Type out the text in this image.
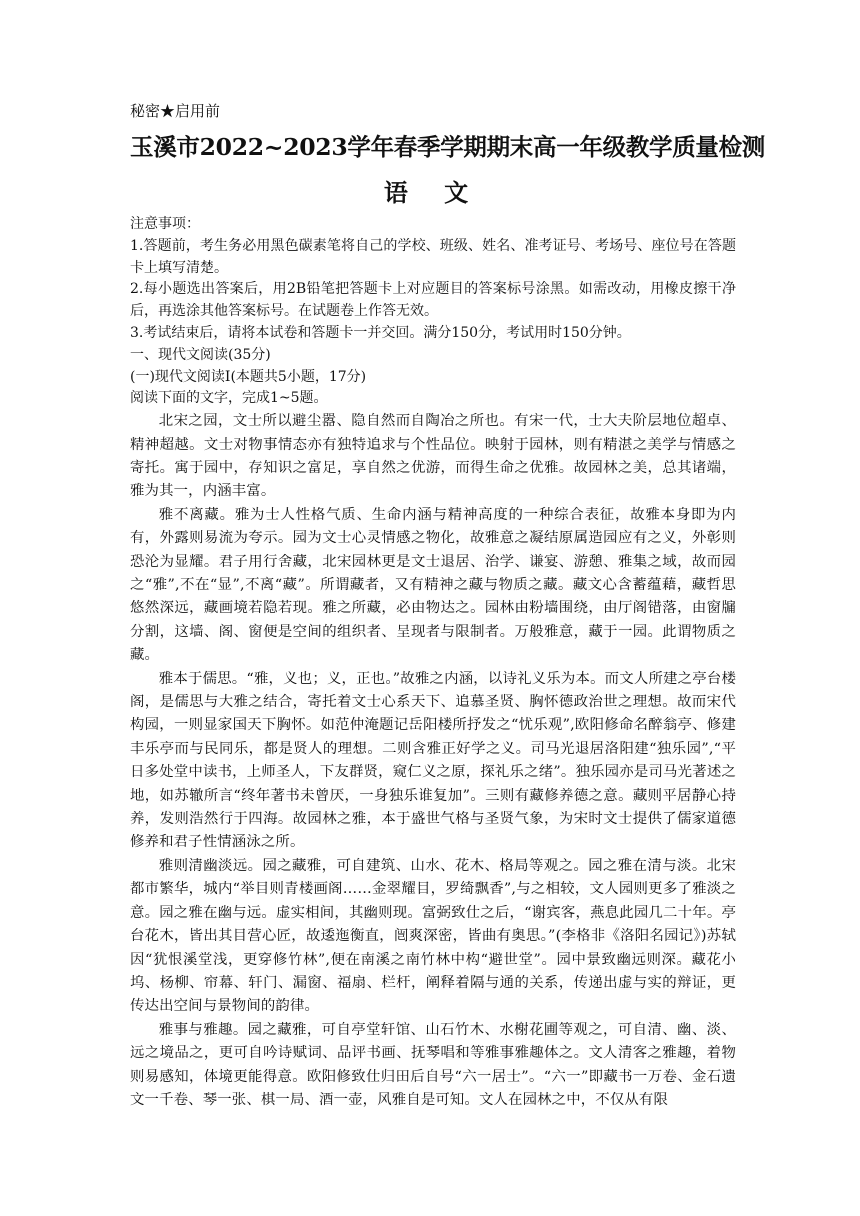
秘密★启用前

玉溪市2022~2023学年春季学期期末高一年级教学质量检测
语 文

注意事项：

1.答题前，考生务必用黑色碳素笔将自己的学校、班级、姓名、准考证号、考场号、座位号在答题卡上填写清楚。

2.每小题选出答案后，用2B铅笔把答题卡上对应题目的答案标号涂黑。如需改动，用橡皮擦干净后，再选涂其他答案标号。在试题卷上作答无效。

3.考试结束后，请将本试卷和答题卡一并交回。满分150分，考试用时150分钟。

一、现代文阅读(35分)

(一)现代文阅读I(本题共5小题，17分)

阅读下面的文字，完成1~5题。

北宋之园，文士所以避尘嚣、隐自然而自陶冶之所也。有宋一代，士大夫阶层地位超卓、精神超越。文士对物事情态亦有独特追求与个性品位。映射于园林，则有精湛之美学与情感之寄托。寓于园中，存知识之富足，享自然之优游，而得生命之优雅。故园林之美，总其诸端，雅为其一，内涵丰富。

雅不离藏。雅为士人性格气质、生命内涵与精神高度的一种综合表征，故雅本身即为内有，外露则易流为夸示。园为文士心灵情感之物化，故雅意之凝结原属造园应有之义，外彰则恐沦为显耀。君子用行舍藏，北宋园林更是文士退居、治学、谦宴、游憩、雅集之域，故而园之“雅”,不在“显”,不离“藏”。所谓藏者，又有精神之藏与物质之藏。藏文心含蓄蕴藉，藏哲思悠然深远，藏画境若隐若现。雅之所藏，必由物达之。园林由粉墙围绕，由厅阁错落，由窗牖分割，这墙、阁、窗便是空间的组织者、呈现者与限制者。万般雅意，藏于一园。此谓物质之藏。

雅本于儒思。“雅，义也；义，正也。”故雅之内涵，以诗礼义乐为本。而文人所建之亭台楼阁，是儒思与大雅之结合，寄托着文士心系天下、追慕圣贤、胸怀德政治世之理想。故而宋代构园，一则显家国天下胸怀。如范仲淹题记岳阳楼所抒发之“忧乐观”,欧阳修命名醉翁亭、修建丰乐亭而与民同乐，都是贤人的理想。二则含雅正好学之义。司马光退居洛阳建“独乐园”,“平日多处堂中读书，上师圣人，下友群贤，窥仁义之原，探礼乐之绪”。独乐园亦是司马光著述之地，如苏辙所言“终年著书未曾厌，一身独乐谁复加”。三则有藏修养德之意。藏则平居静心持养，发则浩然行于四海。故园林之雅，本于盛世气格与圣贤气象，为宋时文士提供了儒家道德修养和君子性情涵泳之所。

雅则清幽淡远。园之藏雅，可自建筑、山水、花木、格局等观之。园之雅在清与淡。北宋都市繁华，城内“举目则青楼画阁……金翠耀目，罗绮飘香”,与之相较，文人园则更多了雅淡之意。园之雅在幽与远。虚实相间，其幽则现。富弼致仕之后，“谢宾客，燕息此园几二十年。亭台花木，皆出其目营心匠，故逶迤衡直，闿爽深密，皆曲有奥思。”(李格非《洛阳名园记》)苏轼因“犹恨溪堂浅，更穿修竹林”,便在南溪之南竹林中构“避世堂”。园中景致幽远则深。藏花小坞、杨柳、帘幕、轩门、漏窗、福扇、栏杆，阐释着隔与通的关系，传递出虚与实的辩证，更传达出空间与景物间的韵律。

雅事与雅趣。园之藏雅，可自亭堂轩馆、山石竹木、水榭花圃等观之，可自清、幽、淡、远之境品之，更可自吟诗赋词、品评书画、抚琴唱和等雅事雅趣体之。文人清客之雅趣，着物则易感知，体境更能得意。欧阳修致仕归田后自号“六一居士”。“六一”即藏书一万卷、金石遗文一千卷、琴一张、棋一局、酒一壶，风雅自是可知。文人在园林之中，不仅从有限
